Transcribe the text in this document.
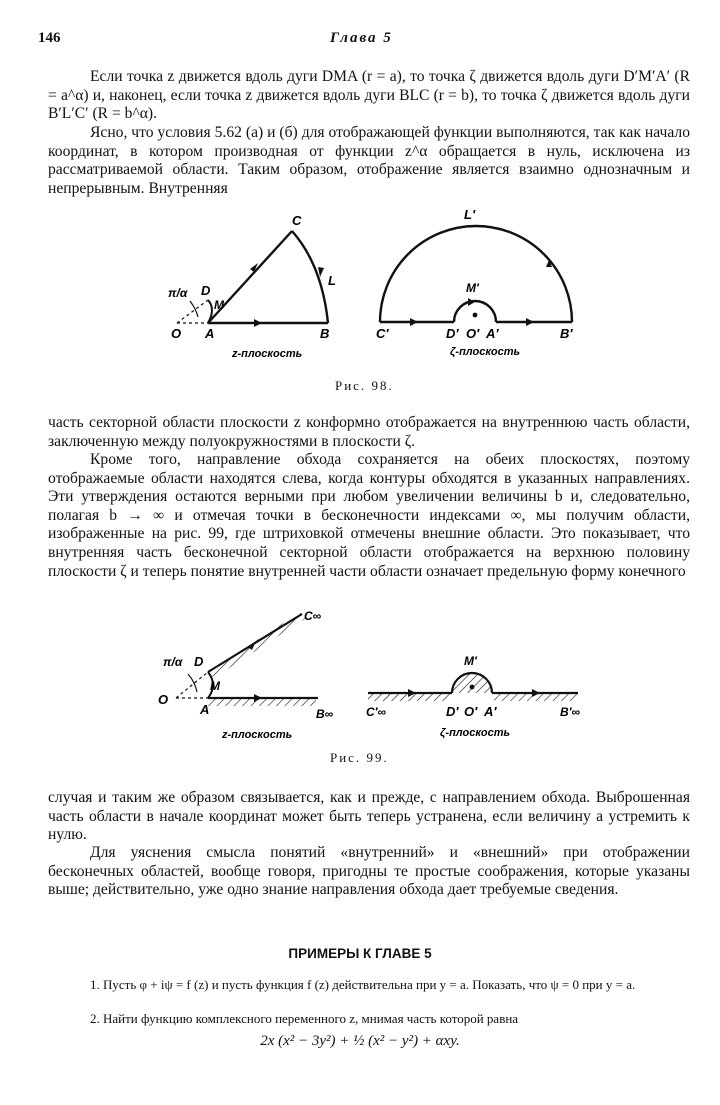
146	Глава 5

Если точка z движется вдоль дуги DMA (r = a), то точка ζ движется вдоль дуги D′M′A′ (R = a^α) и, наконец, если точка z движется вдоль дуги BLC (r = b), то точка ζ движется вдоль дуги B′L′C′ (R = b^α).

Ясно, что условия 5.62 (а) и (б) для отображающей функции выполняются, так как начало координат, в котором производная от функции z^α обращается в нуль, исключена из рассматриваемой области. Таким образом, отображение является взаимно однозначным и непрерывным. Внутренняя

C
L
π/α D
M
O A	B
z-плоскость
L′
M′
C′	D′ O′ A′	B′
ζ-плоскость
Рис. 98.

часть секторной области плоскости z конформно отображается на внутреннюю часть области, заключенную между полуокружностями в плоскости ζ.

Кроме того, направление обхода сохраняется на обеих плоскостях, поэтому отображаемые области находятся слева, когда контуры обходятся в указанных направлениях. Эти утверждения остаются верными при любом увеличении величины b и, следовательно, полагая b → ∞ и отмечая точки в бесконечности индексами ∞, мы получим области, изображенные на рис. 99, где штриховкой отмечены внешние области. Это показывает, что внутренняя часть бесконечной секторной области отображается на верхнюю половину плоскости ζ и теперь понятие внутренней части области означает предельную форму конечного

C∞
π/α D
M
O
A	B∞
z-плоскость
M′
C′∞	D′ O′ A′	B′∞
ζ-плоскость
Рис. 99.

случая и таким же образом связывается, как и прежде, с направлением обхода. Выброшенная часть области в начале координат может быть теперь устранена, если величину a устремить к нулю.

Для уяснения смысла понятий «внутренний» и «внешний» при отображении бесконечных областей, вообще говоря, пригодны те простые соображения, которые указаны выше; действительно, уже одно знание направления обхода дает требуемые сведения.

ПРИМЕРЫ К ГЛАВЕ 5

1. Пусть φ + iψ = f (z) и пусть функция f (z) действительна при y = a. Показать, что ψ = 0 при y = a.

2. Найти функцию комплексного переменного z, мнимая часть которой равна

2x (x² − 3y²) + ½ (x² − y²) + αxy.
